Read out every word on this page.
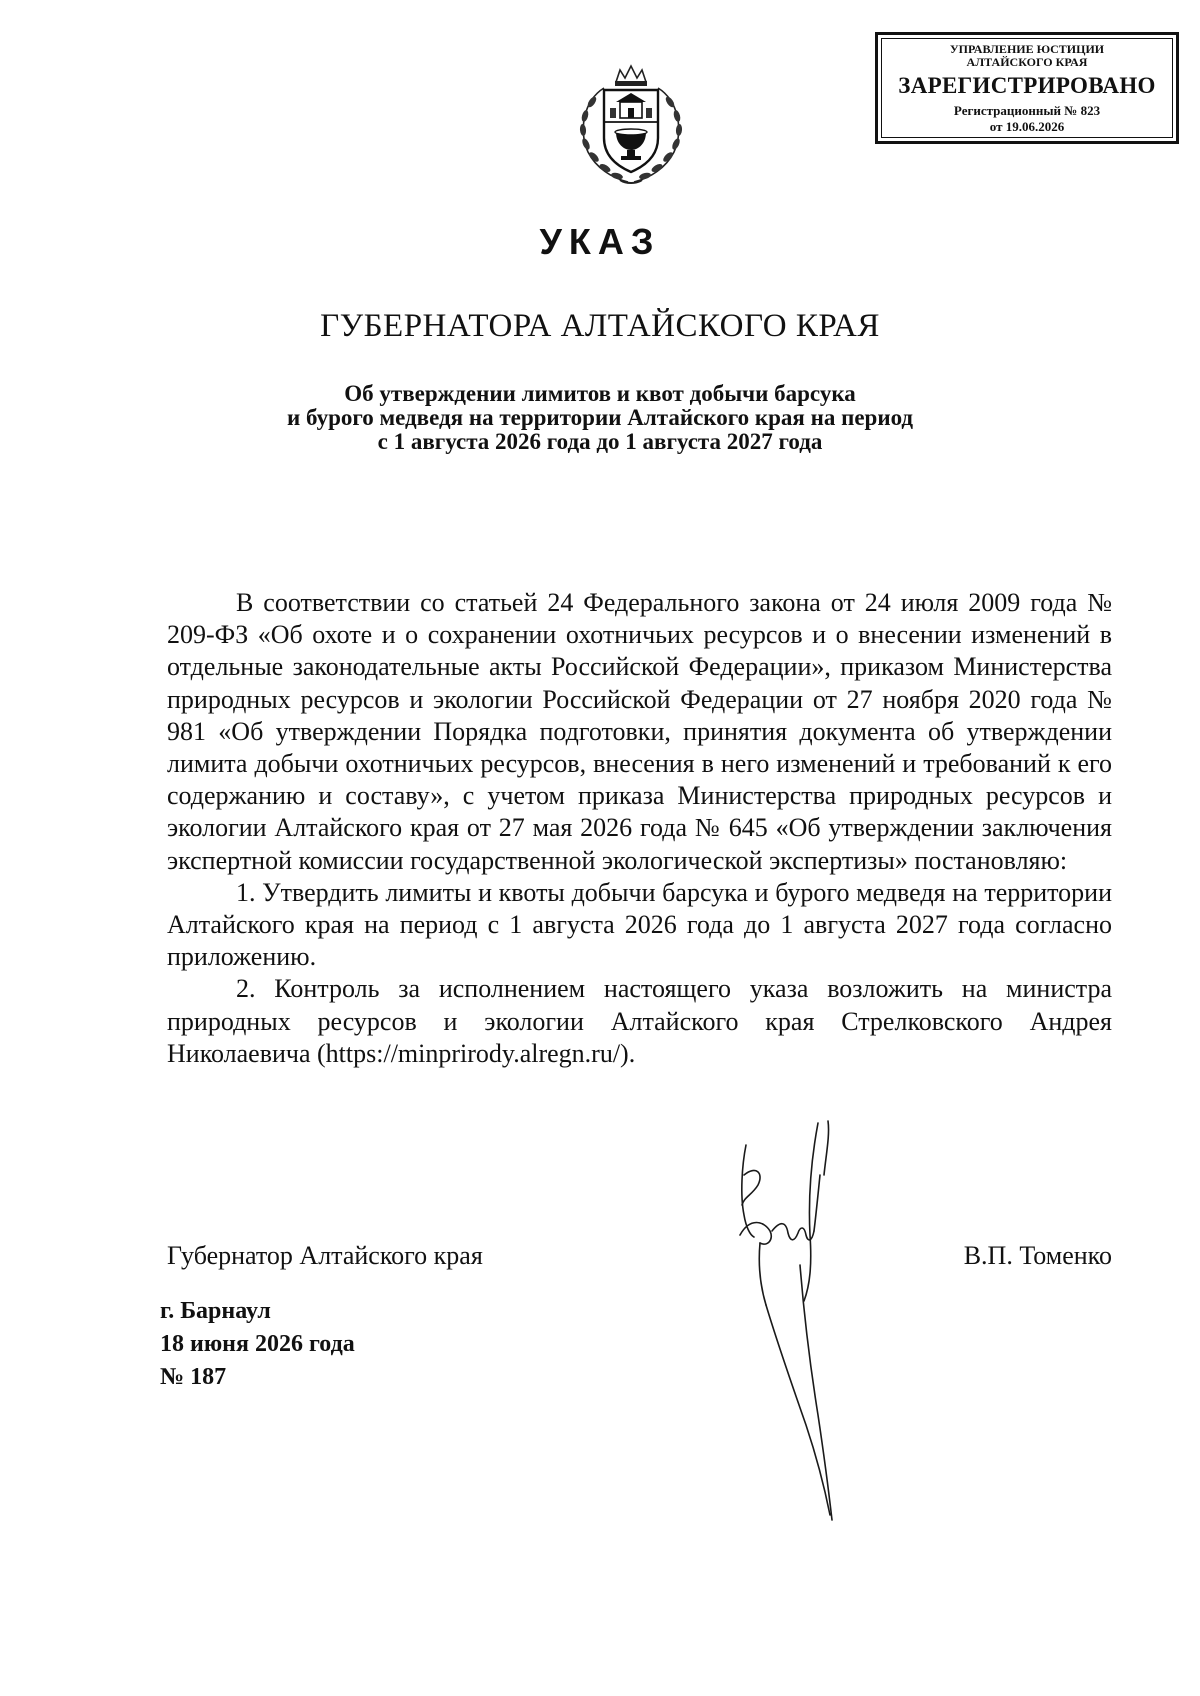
УПРАВЛЕНИЕ ЮСТИЦИИ
АЛТАЙСКОГО КРАЯ
ЗАРЕГИСТРИРОВАНО
Регистрационный № 823
от 19.06.2026
УКАЗ
ГУБЕРНАТОРА АЛТАЙСКОГО КРАЯ
Об утверждении лимитов и квот добычи барсука
и бурого медведя на территории Алтайского края на период
с 1 августа 2026 года до 1 августа 2027 года

В соответствии со статьей 24 Федерального закона от 24 июля 2009 года № 209-ФЗ «Об охоте и о сохранении охотничьих ресурсов и о внесении изменений в отдельные законодательные акты Российской Федерации», приказом Министерства природных ресурсов и экологии Российской Федерации от 27 ноября 2020 года № 981 «Об утверждении Порядка подготовки, принятия документа об утверждении лимита добычи охотничьих ресурсов, внесения в него изменений и требований к его содержанию и составу», с учетом приказа Министерства природных ресурсов и экологии Алтайского края от 27 мая 2026 года № 645 «Об утверждении заключения экспертной комиссии государственной экологической экспертизы» постановляю:

1. Утвердить лимиты и квоты добычи барсука и бурого медведя на территории Алтайского края на период с 1 августа 2026 года до 1 августа 2027 года согласно приложению.

2. Контроль за исполнением настоящего указа возложить на министра природных ресурсов и экологии Алтайского края Стрелковского Андрея Николаевича (https://minprirody.alregn.ru/).

Губернатор Алтайского края	В.П. Томенко
г. Барнаул
18 июня 2026 года
№ 187
